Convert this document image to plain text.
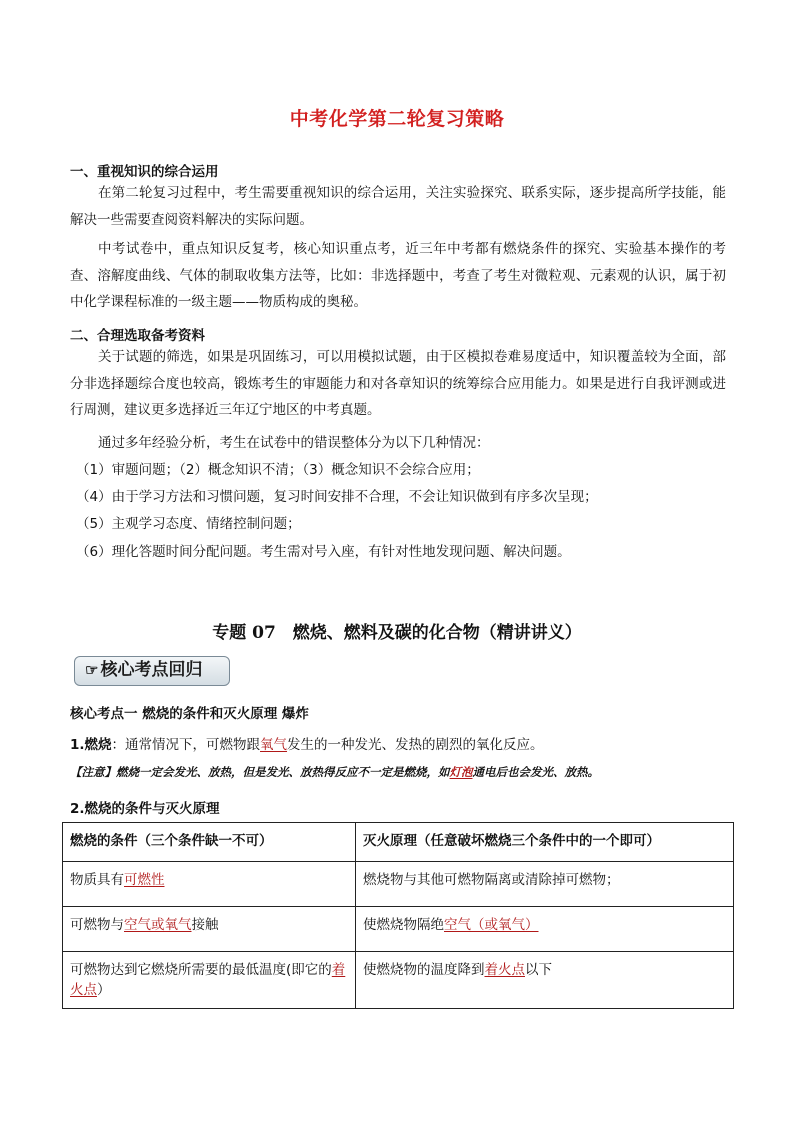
中考化学第二轮复习策略
一、重视知识的综合运用
在第二轮复习过程中，考生需要重视知识的综合运用，关注实验探究、联系实际，逐步提高所学技能，能解决一些需要查阅资料解决的实际问题。
中考试卷中，重点知识反复考，核心知识重点考，近三年中考都有燃烧条件的探究、实验基本操作的考查、溶解度曲线、气体的制取收集方法等，比如：非选择题中，考查了考生对微粒观、元素观的认识，属于初中化学课程标准的一级主题——物质构成的奥秘。
二、合理选取备考资料
关于试题的筛选，如果是巩固练习，可以用模拟试题，由于区模拟卷难易度适中，知识覆盖较为全面，部分非选择题综合度也较高，锻炼考生的审题能力和对各章知识的统筹综合应用能力。如果是进行自我评测或进行周测，建议更多选择近三年辽宁地区的中考真题。
通过多年经验分析，考生在试卷中的错误整体分为以下几种情况：
（1）审题问题；（2）概念知识不清；（3）概念知识不会综合应用；
（4）由于学习方法和习惯问题，复习时间安排不合理，不会让知识做到有序多次呈现；
（5）主观学习态度、情绪控制问题；
（6）理化答题时间分配问题。考生需对号入座，有针对性地发现问题、解决问题。
专题 07　燃烧、燃料及碳的化合物（精讲讲义）
☞ 核心考点回归
核心考点一 燃烧的条件和灭火原理 爆炸
1.燃烧：通常情况下，可燃物跟氧气发生的一种发光、发热的剧烈的氧化反应。
【注意】燃烧一定会发光、放热，但是发光、放热得反应不一定是燃烧，如灯泡通电后也会发光、放热。
2.燃烧的条件与灭火原理
燃烧的条件（三个条件缺一不可）	灭火原理（任意破坏燃烧三个条件中的一个即可）
物质具有可燃性	燃烧物与其他可燃物隔离或清除掉可燃物；
可燃物与空气或氧气接触	使燃烧物隔绝空气（或氧气）
可燃物达到它燃烧所需要的最低温度(即它的着火点）	使燃烧物的温度降到着火点以下
